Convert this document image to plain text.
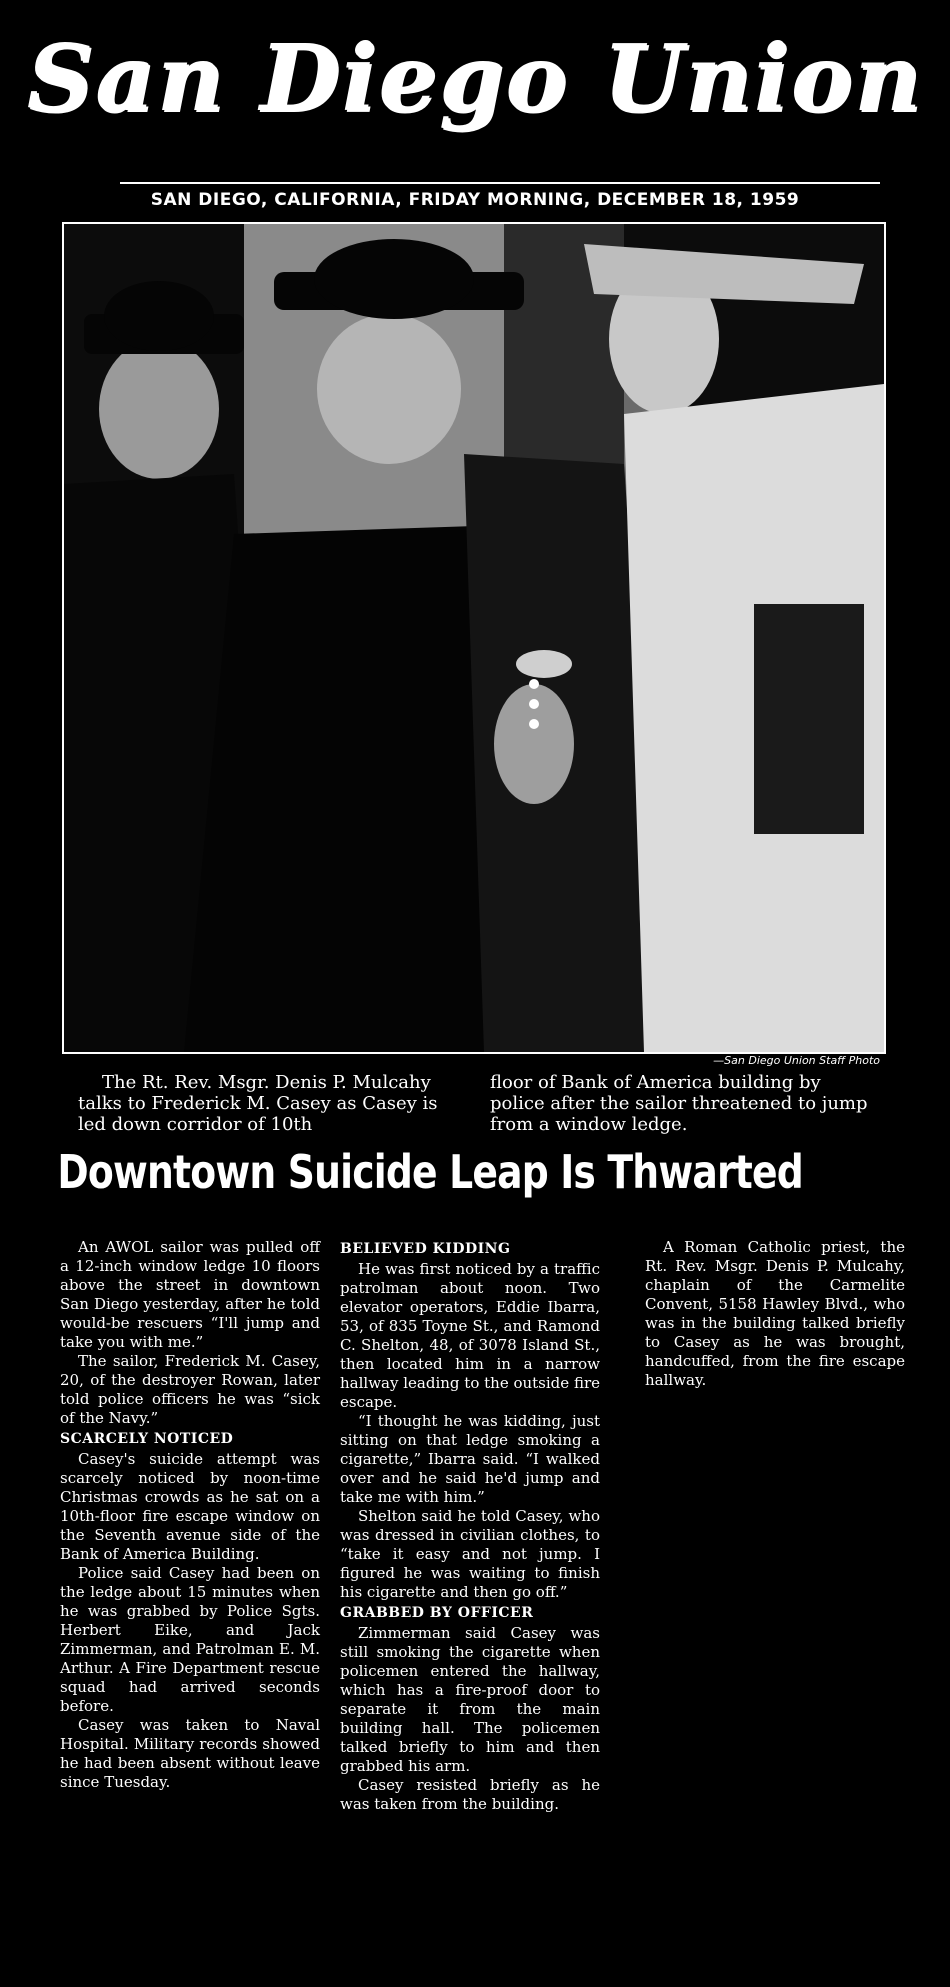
San Diego Union
SAN DIEGO, CALIFORNIA, FRIDAY MORNING, DECEMBER 18, 1959
—San Diego Union Staff Photo
The Rt. Rev. Msgr. Denis P. Mulcahy talks to Frederick M. Casey as Casey is led down corridor of 10th
floor of Bank of America building by police after the sailor threatened to jump from a window ledge.
Downtown Suicide Leap Is Thwarted

An AWOL sailor was pulled off a 12-inch window ledge 10 floors above the street in downtown San Diego yesterday, after he told would-be rescuers “I'll jump and take you with me.”

The sailor, Frederick M. Casey, 20, of the destroyer Rowan, later told police officers he was “sick of the Navy.”

SCARCELY NOTICED

Casey's suicide attempt was scarcely noticed by noon-time Christmas crowds as he sat on a 10th-floor fire escape window on the Seventh avenue side of the Bank of America Building.

Police said Casey had been on the ledge about 15 minutes when he was grabbed by Police Sgts. Herbert Eike, and Jack Zimmerman, and Patrolman E. M. Arthur. A Fire Department rescue squad had arrived seconds before.

Casey was taken to Naval Hospital. Military records showed he had been absent without leave since Tuesday.

BELIEVED KIDDING

He was first noticed by a traffic patrolman about noon. Two elevator operators, Eddie Ibarra, 53, of 835 Toyne St., and Ramond C. Shelton, 48, of 3078 Island St., then located him in a narrow hallway leading to the outside fire escape.

“I thought he was kidding, just sitting on that ledge smoking a cigarette,” Ibarra said. “I walked over and he said he'd jump and take me with him.”

Shelton said he told Casey, who was dressed in civilian clothes, to “take it easy and not jump. I figured he was waiting to finish his cigarette and then go off.”

GRABBED BY OFFICER

Zimmerman said Casey was still smoking the cigarette when policemen entered the hallway, which has a fire-proof door to separate it from the main building hall. The policemen talked briefly to him and then grabbed his arm.

Casey resisted briefly as he was taken from the building.

A Roman Catholic priest, the Rt. Rev. Msgr. Denis P. Mulcahy, chaplain of the Carmelite Convent, 5158 Hawley Blvd., who was in the building talked briefly to Casey as he was brought, handcuffed, from the fire escape hallway.
